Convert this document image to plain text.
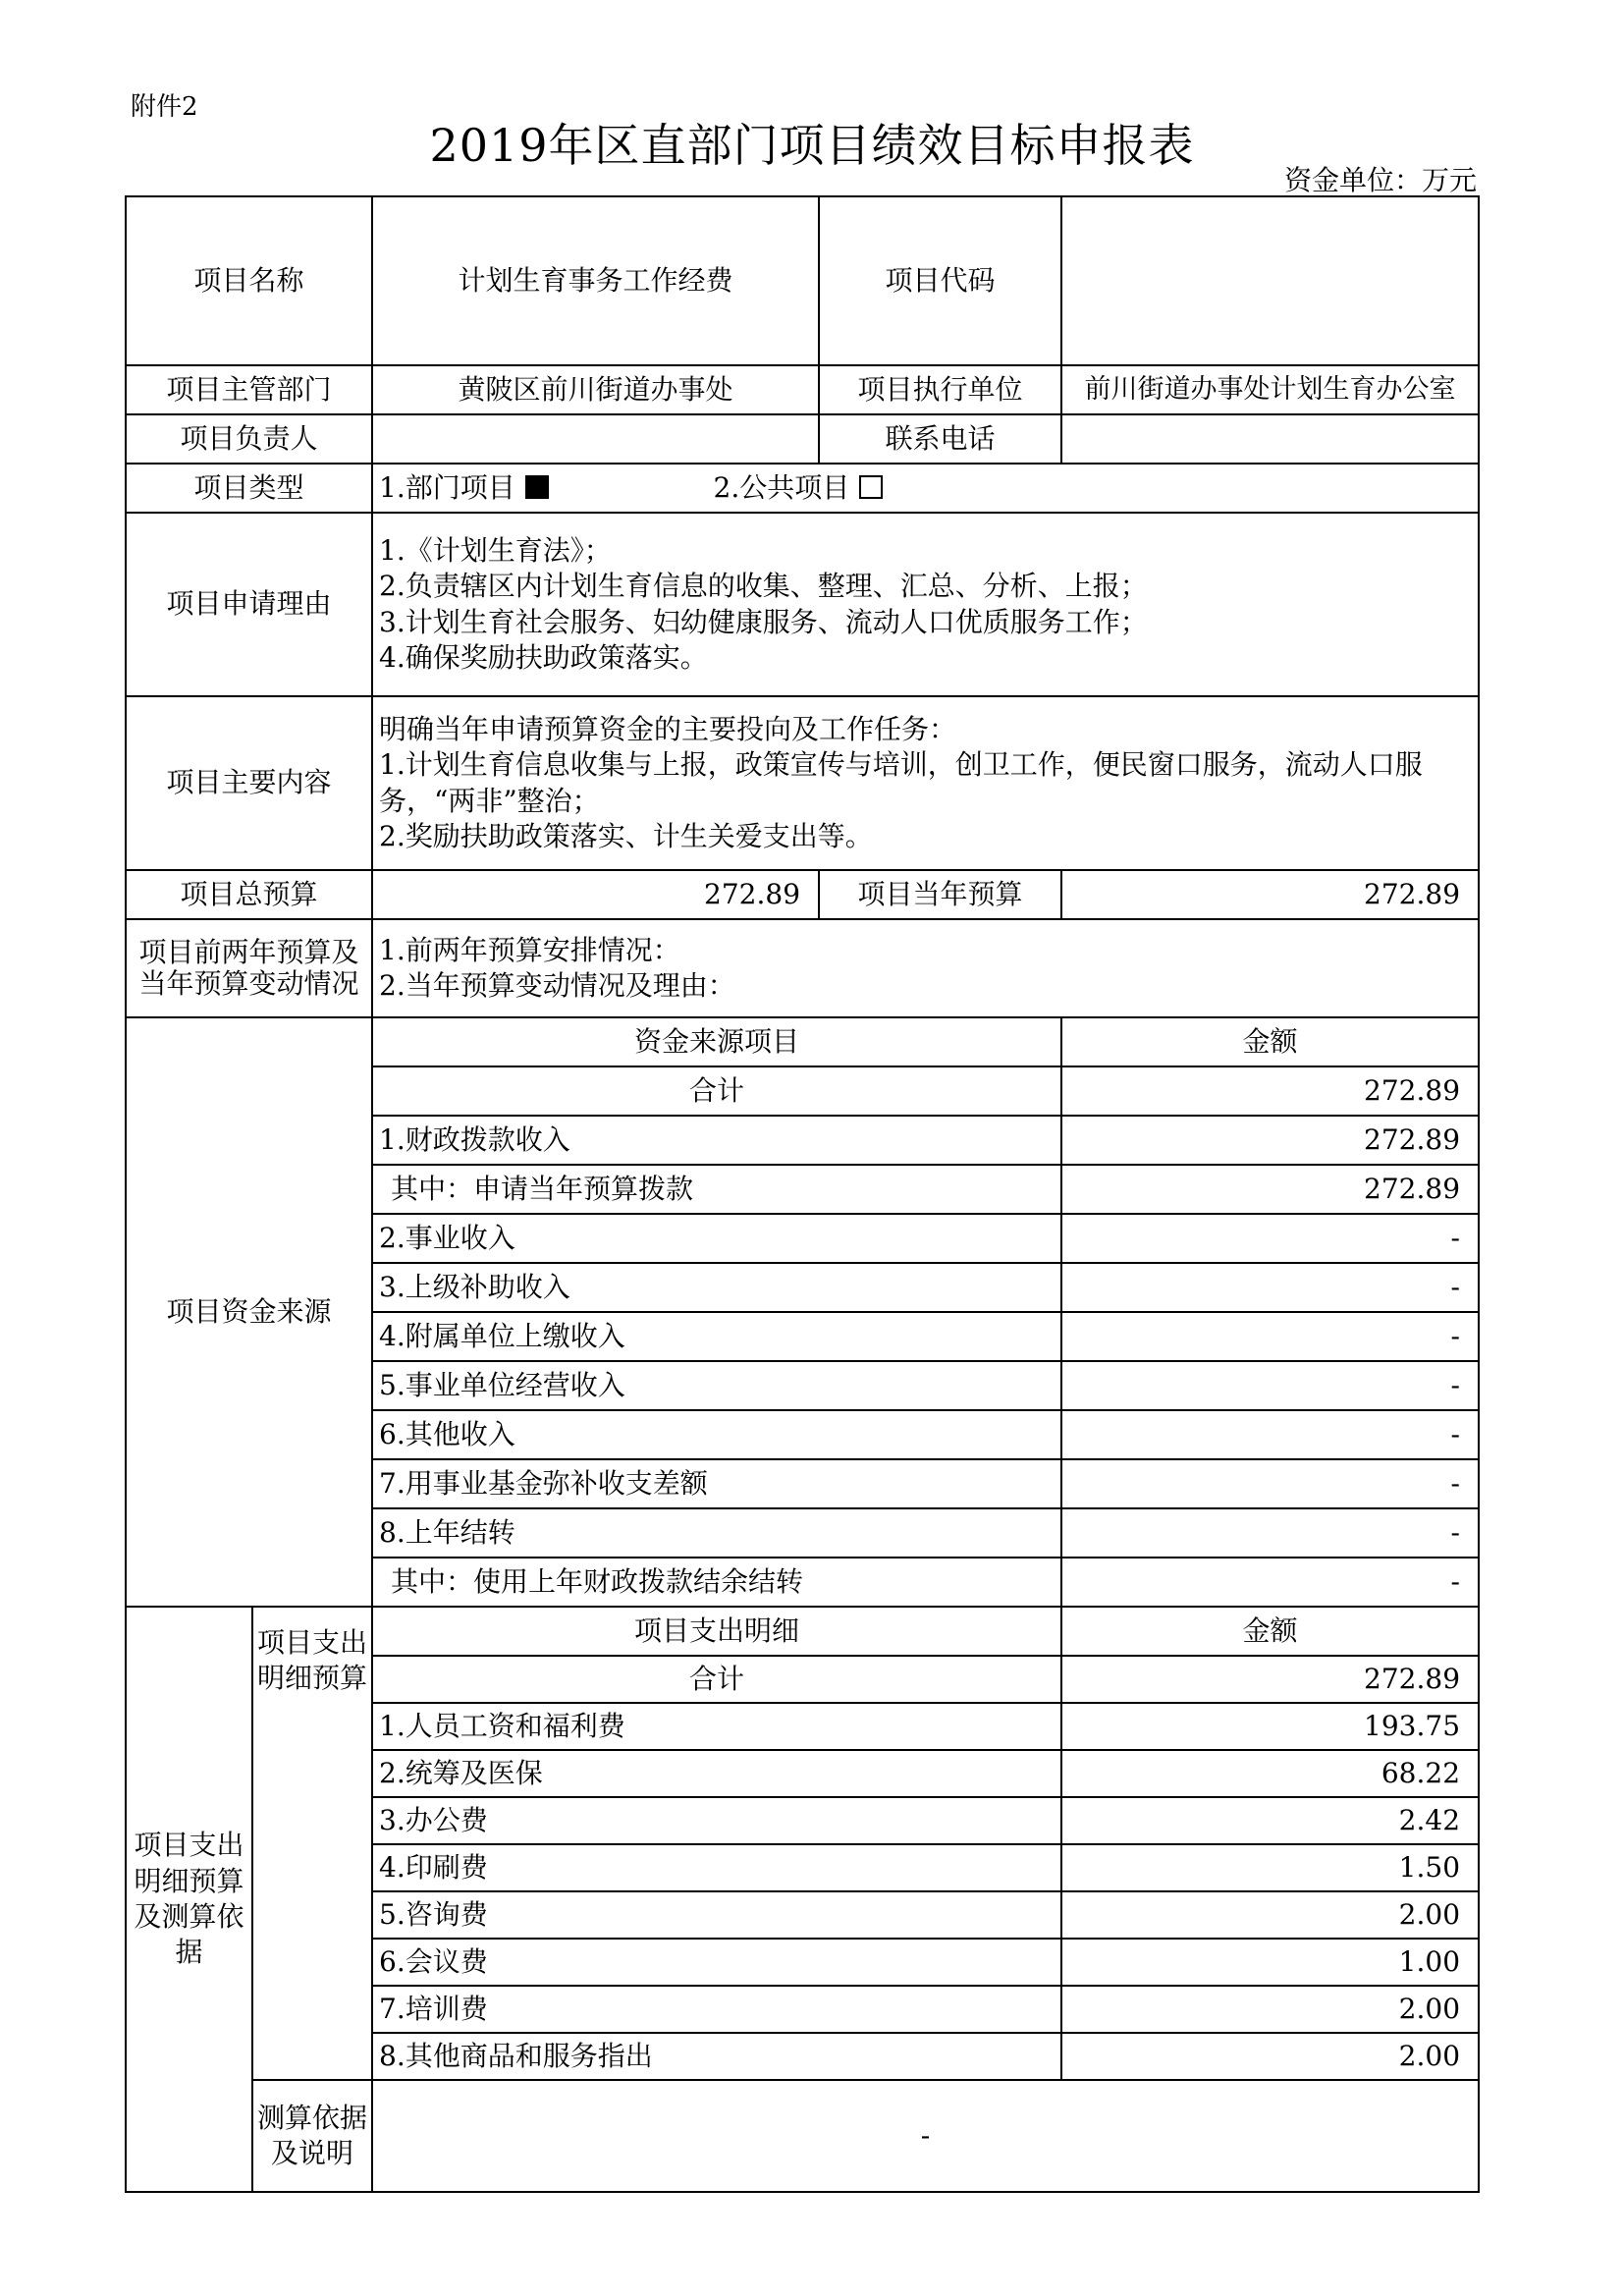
附件2
2019年区直部门项目绩效目标申报表
资金单位：万元
项目名称		计划生育事务工作经费	项目代码	
项目主管部门		黄陂区前川街道办事处	项目执行单位	前川街道办事处计划生育办公室
项目负责人			联系电话	
项目类型		1.部门项目 2.公共项目		
项目申请理由		1.《计划生育法》；
2.负责辖区内计划生育信息的收集、整理、汇总、分析、上报；
3.计划生育社会服务、妇幼健康服务、流动人口优质服务工作；
4.确保奖励扶助政策落实。		

项目主要内容		明确当年申请预算资金的主要投向及工作任务：
1.计划生育信息收集与上报，政策宣传与培训，创卫工作，便民窗口服务，流动人口服务，“两非”整治；
2.奖励扶助政策落实、计生关爱支出等。		

项目总预算		272.89	项目当年预算	272.89
项目前两年预算及当年预算变动情况		1.前两年预算安排情况：
2.当年预算变动情况及理由：		

项目资金来源		资金来源项目		金额
		合计		272.89
		1.财政拨款收入		272.89
		其中：申请当年预算拨款		272.89
		2.事业收入		-
		3.上级补助收入		-
		4.附属单位上缴收入		-
		5.事业单位经营收入		-
		6.其他收入		-
		7.用事业基金弥补收支差额		-
		8.上年结转		-
		其中：使用上年财政拨款结余结转		-
项目支出明细预算及测算依据	项目支出明细预算	项目支出明细		金额
		合计		272.89
		1.人员工资和福利费		193.75
		2.统筹及医保		68.22
		3.办公费		2.42
		4.印刷费		1.50
		5.咨询费		2.00
		6.会议费		1.00
		7.培训费		2.00
		8.其他商品和服务指出		2.00
	测算依据及说明	-		
